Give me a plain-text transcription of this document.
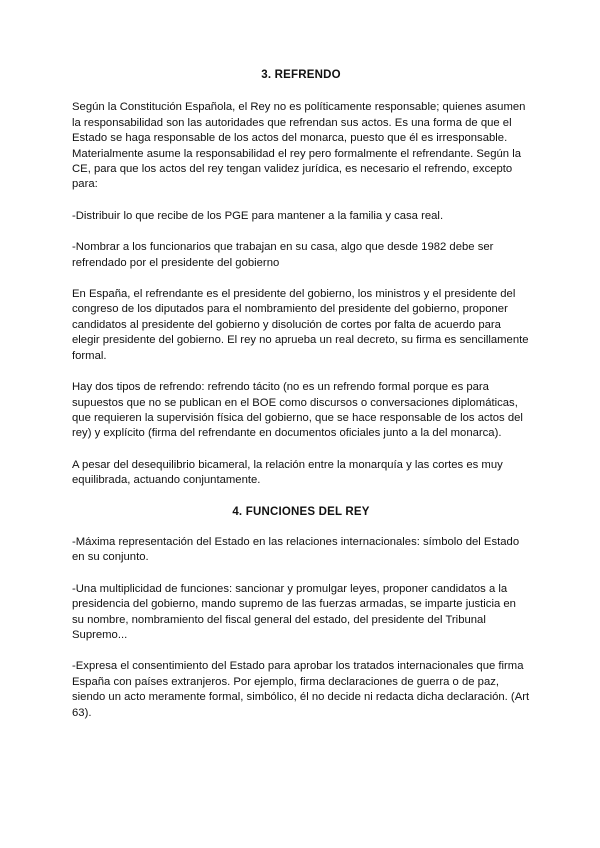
3. REFRENDO

Según la Constitución Española, el Rey no es políticamente responsable; quienes asumen la responsabilidad son las autoridades que refrendan sus actos. Es una forma de que el Estado se haga responsable de los actos del monarca, puesto que él es irresponsable. Materialmente asume la responsabilidad el rey pero formalmente el refrendante. Según la CE, para que los actos del rey tengan validez jurídica, es necesario el refrendo, excepto para:

-Distribuir lo que recibe de los PGE para mantener a la familia y casa real.

-Nombrar a los funcionarios que trabajan en su casa, algo que desde 1982 debe ser refrendado por el presidente del gobierno

En España, el refrendante es el presidente del gobierno, los ministros y el presidente del congreso de los diputados para el nombramiento del presidente del gobierno, proponer candidatos al presidente del gobierno y disolución de cortes por falta de acuerdo para elegir presidente del gobierno. El rey no aprueba un real decreto, su firma es sencillamente formal.

Hay dos tipos de refrendo: refrendo tácito (no es un refrendo formal porque es para supuestos que no se publican en el BOE como discursos o conversaciones diplomáticas, que requieren la supervisión física del gobierno, que se hace responsable de los actos del rey) y explícito (firma del refrendante en documentos oficiales junto a la del monarca).

A pesar del desequilibrio bicameral, la relación entre la monarquía y las cortes es muy equilibrada, actuando conjuntamente.

4. FUNCIONES DEL REY

-Máxima representación del Estado en las relaciones internacionales: símbolo del Estado en su conjunto.

-Una multiplicidad de funciones: sancionar y promulgar leyes, proponer candidatos a la presidencia del gobierno, mando supremo de las fuerzas armadas, se imparte justicia en su nombre, nombramiento del fiscal general del estado, del presidente del Tribunal Supremo...

-Expresa el consentimiento del Estado para aprobar los tratados internacionales que firma España con países extranjeros. Por ejemplo, firma declaraciones de guerra o de paz, siendo un acto meramente formal, simbólico, él no decide ni redacta dicha declaración. (Art 63).
